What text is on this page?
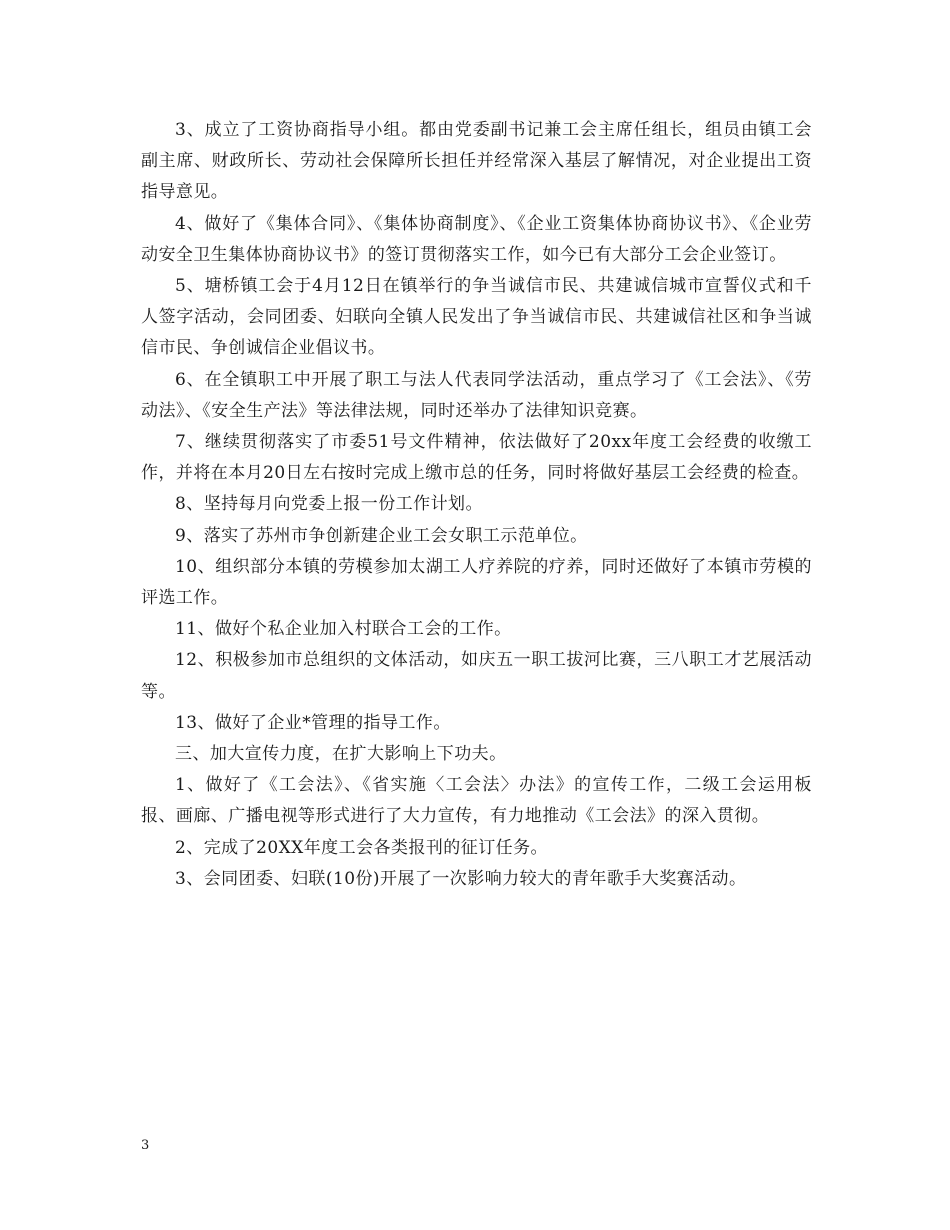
3、成立了工资协商指导小组。都由党委副书记兼工会主席任组长，组员由镇工会副主席、财政所长、劳动社会保障所长担任并经常深入基层了解情况，对企业提出工资指导意见。

4、做好了《集体合同》、《集体协商制度》、《企业工资集体协商协议书》、《企业劳动安全卫生集体协商协议书》的签订贯彻落实工作，如今已有大部分工会企业签订。

5、塘桥镇工会于4月12日在镇举行的争当诚信市民、共建诚信城市宣誓仪式和千人签字活动，会同团委、妇联向全镇人民发出了争当诚信市民、共建诚信社区和争当诚信市民、争创诚信企业倡议书。

6、在全镇职工中开展了职工与法人代表同学法活动，重点学习了《工会法》、《劳动法》、《安全生产法》等法律法规，同时还举办了法律知识竞赛。

7、继续贯彻落实了市委51号文件精神，依法做好了20xx年度工会经费的收缴工作，并将在本月20日左右按时完成上缴市总的任务，同时将做好基层工会经费的检查。

8、坚持每月向党委上报一份工作计划。

9、落实了苏州市争创新建企业工会女职工示范单位。

10、组织部分本镇的劳模参加太湖工人疗养院的疗养，同时还做好了本镇市劳模的评选工作。

11、做好个私企业加入村联合工会的工作。

12、积极参加市总组织的文体活动，如庆五一职工拔河比赛，三八职工才艺展活动等。

13、做好了企业*管理的指导工作。

三、加大宣传力度，在扩大影响上下功夫。

1、做好了《工会法》、《省实施〈工会法〉办法》的宣传工作，二级工会运用板报、画廊、广播电视等形式进行了大力宣传，有力地推动《工会法》的深入贯彻。

2、完成了20XX年度工会各类报刊的征订任务。

3、会同团委、妇联(10份)开展了一次影响力较大的青年歌手大奖赛活动。

3
